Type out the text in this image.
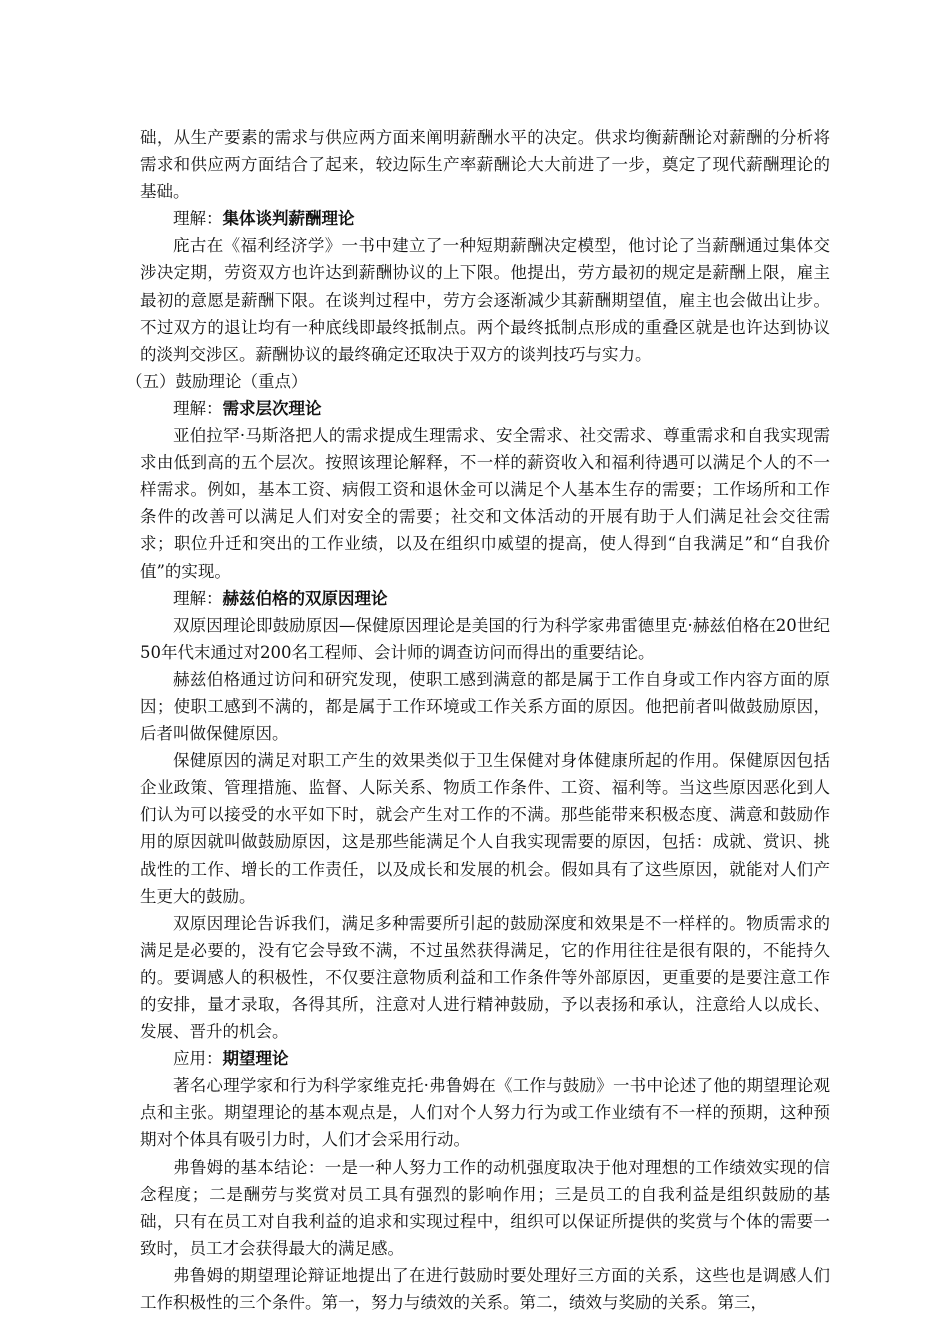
础，从生产要素的需求与供应两方面来阐明薪酬水平的决定。供求均衡薪酬论对薪酬的分析将需求和供应两方面结合了起来，较边际生产率薪酬论大大前进了一步，奠定了现代薪酬理论的基础。

理解：集体谈判薪酬理论

庇古在《福利经济学》一书中建立了一种短期薪酬决定模型，他讨论了当薪酬通过集体交涉决定期，劳资双方也许达到薪酬协议的上下限。他提出，劳方最初的规定是薪酬上限，雇主最初的意愿是薪酬下限。在谈判过程中，劳方会逐渐减少其薪酬期望值，雇主也会做出让步。不过双方的退让均有一种底线即最终抵制点。两个最终抵制点形成的重叠区就是也许达到协议的淡判交涉区。薪酬协议的最终确定还取决于双方的谈判技巧与实力。

（五）鼓励理论（重点）

理解：需求层次理论

亚伯拉罕·马斯洛把人的需求提成生理需求、安全需求、社交需求、尊重需求和自我实现需求由低到高的五个层次。按照该理论解释，不一样的薪资收入和福利待遇可以满足个人的不一样需求。例如，基本工资、病假工资和退休金可以满足个人基本生存的需要；工作场所和工作条件的改善可以满足人们对安全的需要；社交和文体活动的开展有助于人们满足社会交往需求；职位升迁和突出的工作业绩，以及在组织巾威望的提高，使人得到“自我满足”和“自我价值”的实现。

理解：赫兹伯格的双原因理论

双原因理论即鼓励原因—保健原因理论是美国的行为科学家弗雷德里克·赫兹伯格在20世纪50年代末通过对200名工程师、会计师的调查访问而得出的重要结论。

赫兹伯格通过访问和研究发现，使职工感到满意的都是属于工作自身或工作内容方面的原因；使职工感到不满的，都是属于工作环境或工作关系方面的原因。他把前者叫做鼓励原因，后者叫做保健原因。

保健原因的满足对职工产生的效果类似于卫生保健对身体健康所起的作用。保健原因包括企业政策、管理措施、监督、人际关系、物质工作条件、工资、福利等。当这些原因恶化到人们认为可以接受的水平如下时，就会产生对工作的不满。那些能带来积极态度、满意和鼓励作用的原因就叫做鼓励原因，这是那些能满足个人自我实现需要的原因，包括：成就、赏识、挑战性的工作、增长的工作责任，以及成长和发展的机会。假如具有了这些原因，就能对人们产生更大的鼓励。

双原因理论告诉我们，满足多种需要所引起的鼓励深度和效果是不一样样的。物质需求的满足是必要的，没有它会导致不满，不过虽然获得满足，它的作用往往是很有限的，不能持久的。要调感人的积极性，不仅要注意物质利益和工作条件等外部原因，更重要的是要注意工作的安排，量才录取，各得其所，注意对人进行精神鼓励，予以表扬和承认，注意给人以成长、发展、晋升的机会。

应用：期望理论

著名心理学家和行为科学家维克托·弗鲁姆在《工作与鼓励》一书中论述了他的期望理论观点和主张。期望理论的基本观点是，人们对个人努力行为或工作业绩有不一样的预期，这种预期对个体具有吸引力时，人们才会采用行动。

弗鲁姆的基本结论：一是一种人努力工作的动机强度取决于他对理想的工作绩效实现的信念程度；二是酬劳与奖赏对员工具有强烈的影响作用；三是员工的自我利益是组织鼓励的基础，只有在员工对自我利益的追求和实现过程中，组织可以保证所提供的奖赏与个体的需要一致时，员工才会获得最大的满足感。

弗鲁姆的期望理论辩证地提出了在进行鼓励时要处理好三方面的关系，这些也是调感人们工作积极性的三个条件。第一，努力与绩效的关系。第二，绩效与奖励的关系。第三，
